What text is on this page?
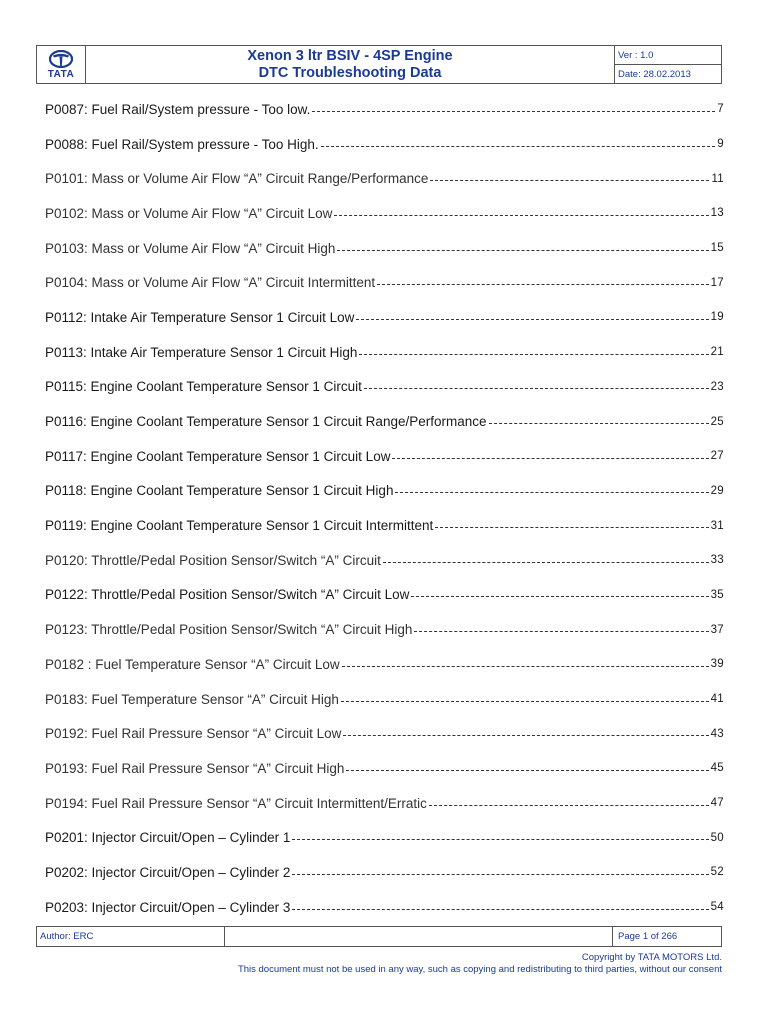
TATA
Xenon 3 ltr BSIV - 4SP Engine
DTC Troubleshooting Data
Ver : 1.0
Date: 28.02.2013
P0087: Fuel Rail/System pressure - Too low.	7
P0088: Fuel Rail/System pressure - Too High.	9
P0101: Mass or Volume Air Flow “A” Circuit Range/Performance	11
P0102: Mass or Volume Air Flow “A” Circuit Low	13
P0103: Mass or Volume Air Flow “A” Circuit High	15
P0104: Mass or Volume Air Flow “A” Circuit Intermittent	17
P0112: Intake Air Temperature Sensor 1 Circuit Low	19
P0113: Intake Air Temperature Sensor 1 Circuit High	21
P0115: Engine Coolant Temperature Sensor 1 Circuit	23
P0116: Engine Coolant Temperature Sensor 1 Circuit Range/Performance	25
P0117: Engine Coolant Temperature Sensor 1 Circuit Low	27
P0118: Engine Coolant Temperature Sensor 1 Circuit High	29
P0119: Engine Coolant Temperature Sensor 1 Circuit Intermittent	31
P0120: Throttle/Pedal Position Sensor/Switch “A” Circuit	33
P0122: Throttle/Pedal Position Sensor/Switch “A” Circuit Low	35
P0123: Throttle/Pedal Position Sensor/Switch “A” Circuit High	37
P0182 : Fuel Temperature Sensor “A” Circuit Low	39
P0183: Fuel Temperature Sensor “A” Circuit High	41
P0192: Fuel Rail Pressure Sensor “A” Circuit Low	43
P0193: Fuel Rail Pressure Sensor “A” Circuit High	45
P0194: Fuel Rail Pressure Sensor “A” Circuit Intermittent/Erratic	47
P0201: Injector Circuit/Open – Cylinder 1	50
P0202: Injector Circuit/Open – Cylinder 2	52
P0203: Injector Circuit/Open – Cylinder 3	54
Author: ERC	Page 1 of 266
Copyright by TATA MOTORS Ltd.
This document must not be used in any way, such as copying and redistributing to third parties, without our consent
